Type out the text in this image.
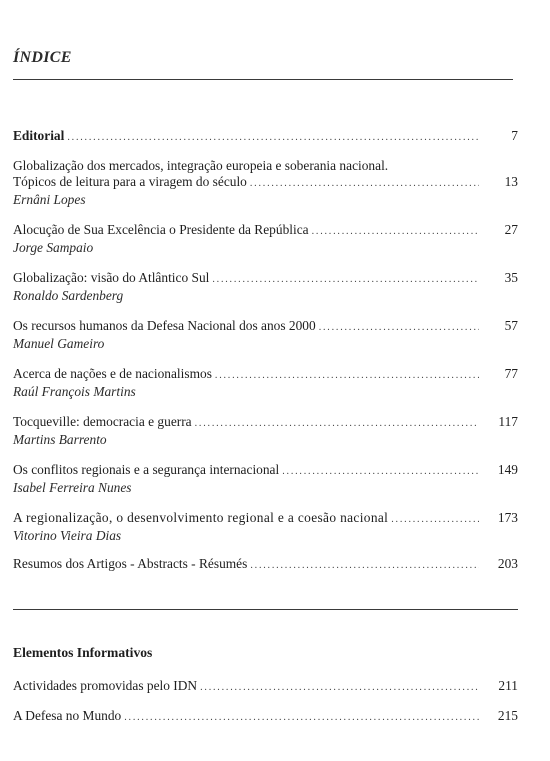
ÍNDICE
Editorial .....	7
Globalização dos mercados, integração europeia e soberania nacional.
Tópicos de leitura para a viragem do século .....	13
Ernâni Lopes
Alocução de Sua Excelência o Presidente da República .....	27
Jorge Sampaio
Globalização: visão do Atlântico Sul .....	35
Ronaldo Sardenberg
Os recursos humanos da Defesa Nacional dos anos 2000 .....	57
Manuel Gameiro
Acerca de nações e de nacionalismos .....	77
Raúl François Martins
Tocqueville: democracia e guerra .....	117
Martins Barrento
Os conflitos regionais e a segurança internacional .....	149
Isabel Ferreira Nunes
A regionalização, o desenvolvimento regional e a coesão nacional .....	173
Vitorino Vieira Dias
Resumos dos Artigos - Abstracts - Résumés .....	203
Elementos Informativos
Actividades promovidas pelo IDN .....	211
A Defesa no Mundo .....	215
